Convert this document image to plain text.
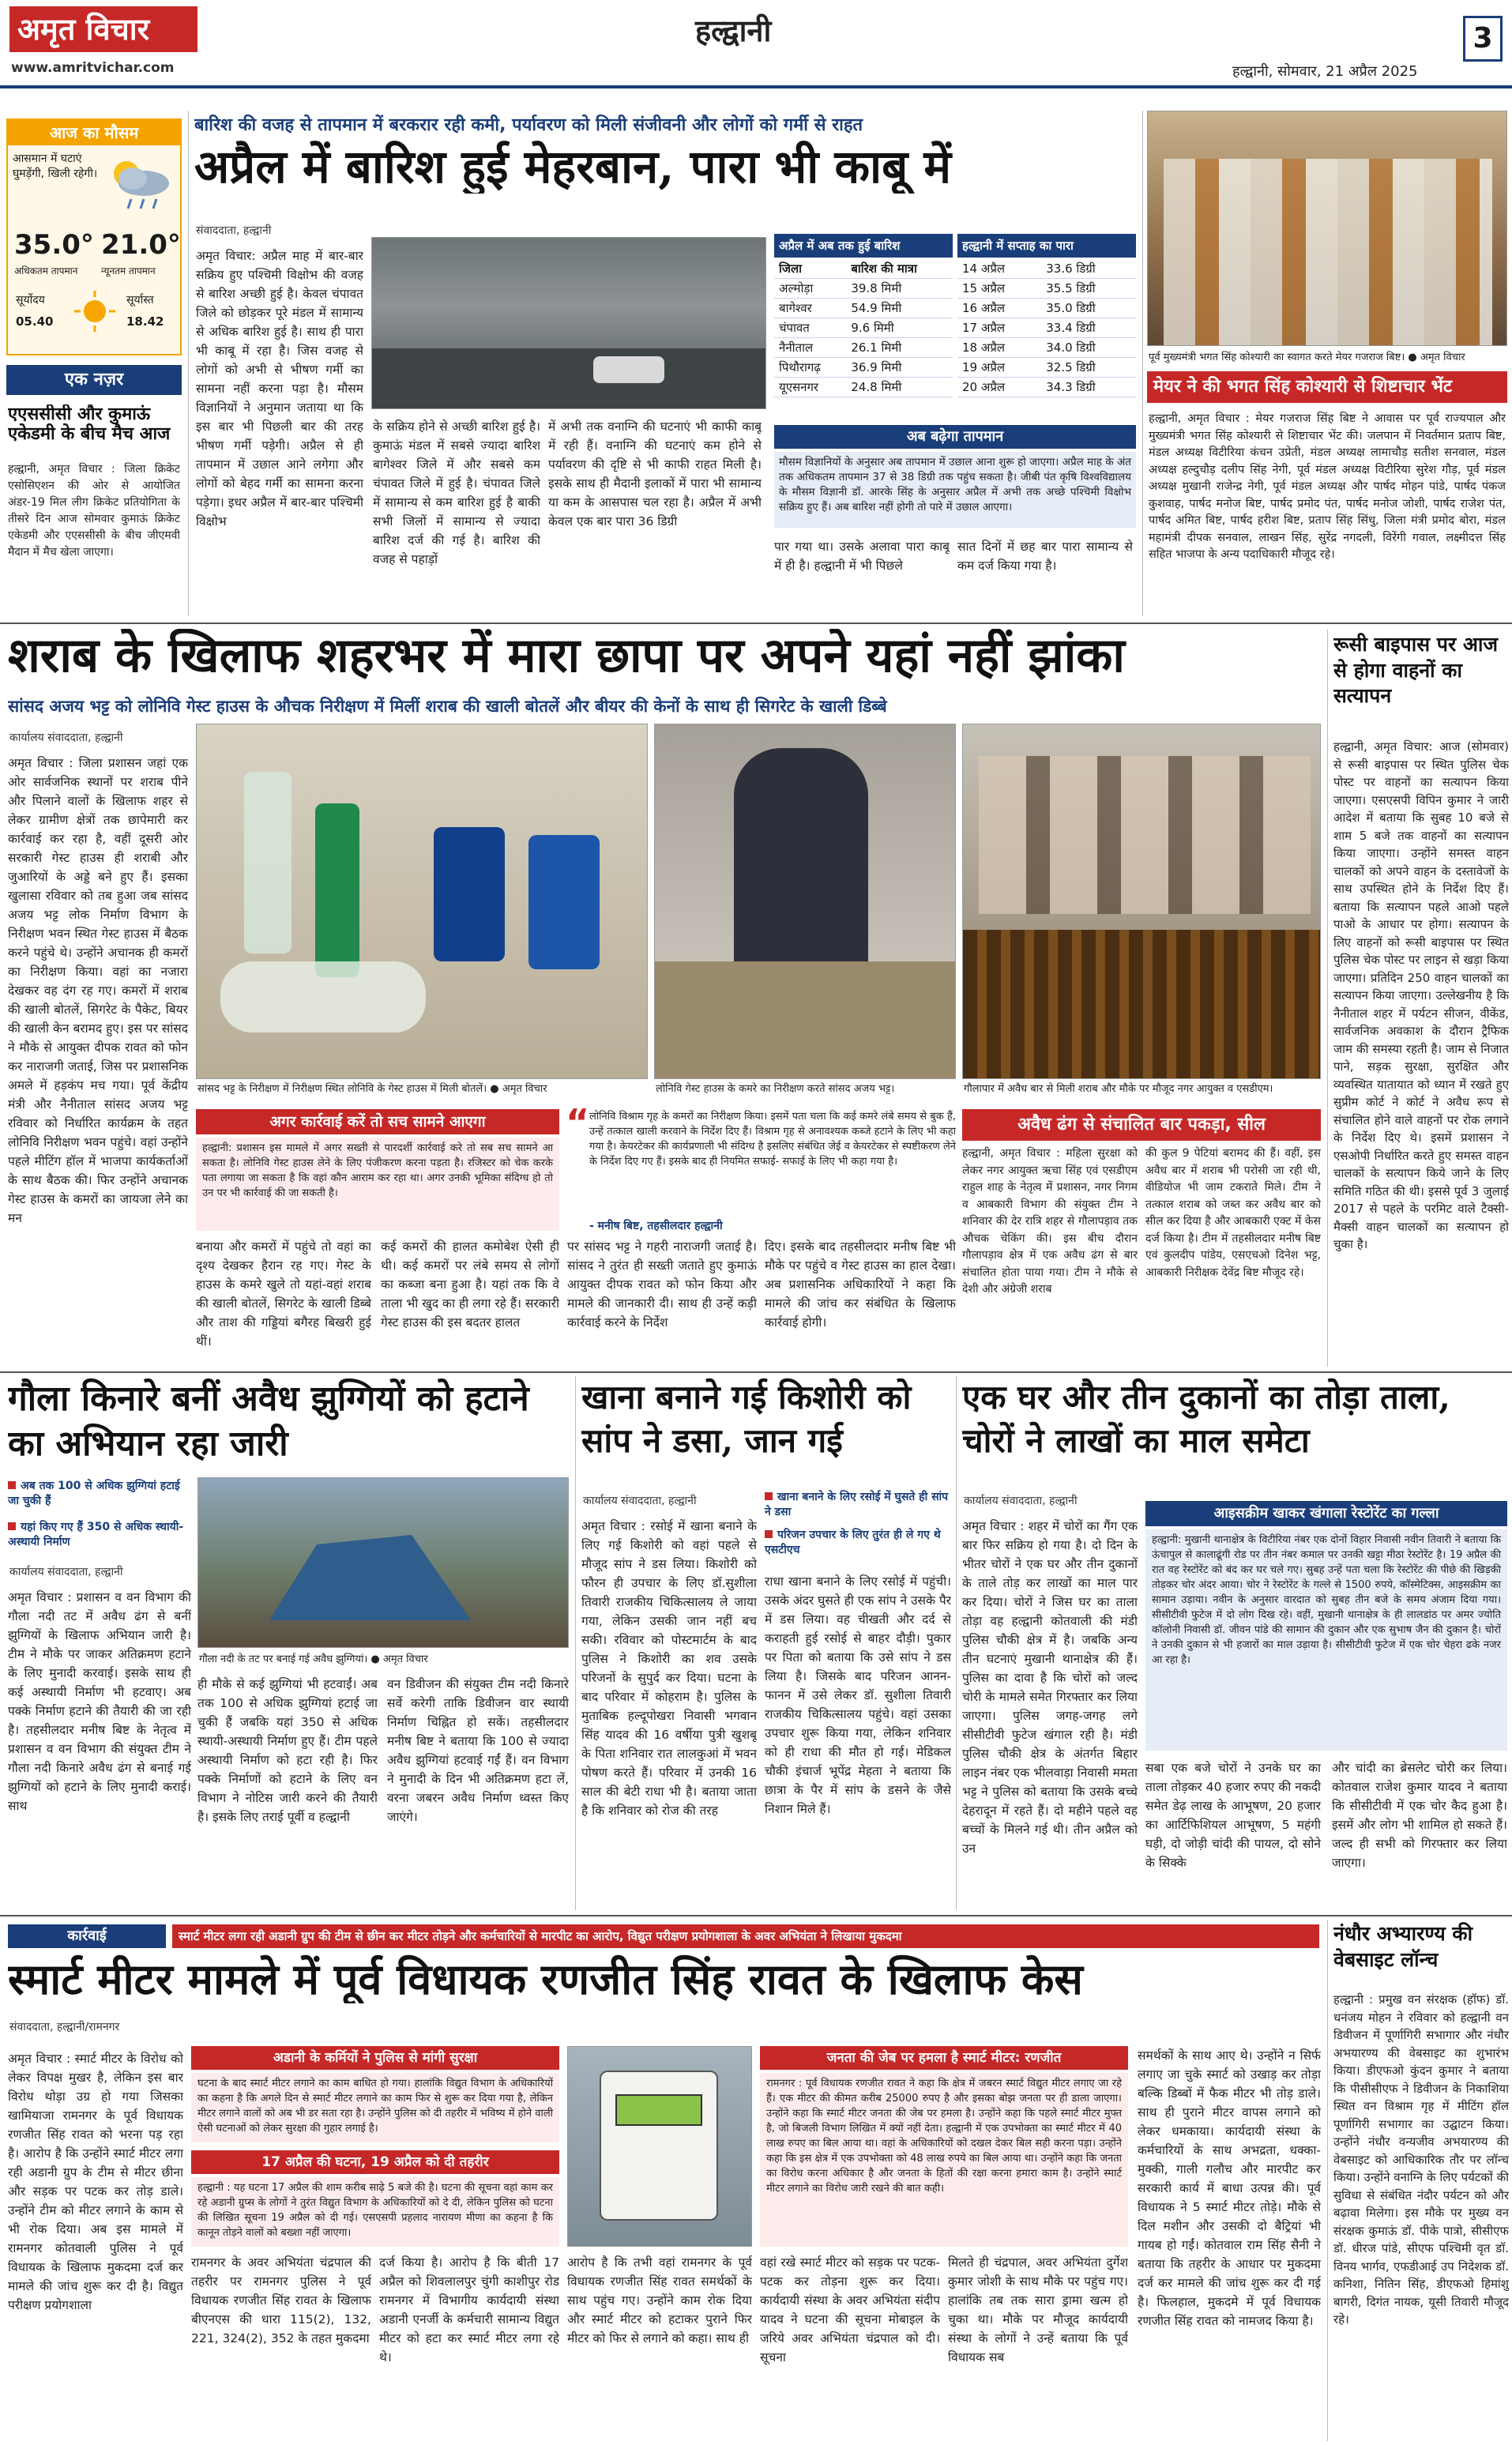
अमृत विचार
www.amritvichar.com
हल्द्वानी
हल्द्वानी, सोमवार, 21 अप्रैल 2025
3
आज का मौसम
आसमान में घटाएं घुमड़ेंगी, खिली रहेगी।
35.0° 21.0°
अधिकतम तापमान न्यूनतम तापमान
सूर्योदय	सूर्यास्त
05.40	18.42
एक नज़र
एएससीसी और कुमाऊं एकेडमी के बीच मैच आज
हल्द्वानी, अमृत विचार : जिला क्रिकेट एसोसिएशन की ओर से आयोजित अंडर-19 मिल लीग क्रिकेट प्रतियोगिता के तीसरे दिन आज सोमवार कुमाऊं क्रिकेट एकेडमी और एएससीसी के बीच जीएमवी मैदान में मैच खेला जाएगा।
बारिश की वजह से तापमान में बरकरार रही कमी, पर्यावरण को मिली संजीवनी और लोगों को गर्मी से राहत
अप्रैल में बारिश हुई मेहरबान, पारा भी काबू में
संवाददाता, हल्द्वानी
अमृत विचार: अप्रैल माह में बार-बार सक्रिय हुए पश्चिमी विक्षोभ की वजह से बारिश अच्छी हुई है। केवल चंपावत जिले को छोड़कर पूरे मंडल में सामान्य से अधिक बारिश हुई है। साथ ही पारा भी काबू में रहा है। जिस वजह से लोगों को अभी से भीषण गर्मी का सामना नहीं करना पड़ा है। मौसम विज्ञानियों ने अनुमान जताया था कि इस बार भी पिछली बार की तरह भीषण गर्मी पड़ेगी। अप्रैल से ही तापमान में उछाल आने लगेगा और लोगों को बेहद गर्मी का सामना करना पड़ेगा। इधर अप्रैल में बार-बार पश्चिमी विक्षोभ
के सक्रिय होने से अच्छी बारिश हुई है। कुमाऊं मंडल में सबसे ज्यादा बारिश बागेश्वर जिले में और सबसे कम चंपावत जिले में हुई है। चंपावत जिले में सामान्य से कम बारिश हुई है बाकी सभी जिलों में सामान्य से ज्यादा बारिश दर्ज की गई है। बारिश की वजह से पहाड़ों
में अभी तक वनाग्नि की घटनाएं भी काफी काबू में रही हैं। वनाग्नि की घटनाएं कम होने से पर्यावरण की दृष्टि से भी काफी राहत मिली है। इसके साथ ही मैदानी इलाकों में पारा भी सामान्य या कम के आसपास चल रहा है। अप्रैल में अभी केवल एक बार पारा 36 डिग्री
अप्रैल में अब तक हुई बारिश
जिला	बारिश की मात्रा
अल्मोड़ा	39.8 मिमी
बागेश्वर	54.9 मिमी
चंपावत	9.6 मिमी
नैनीताल	26.1 मिमी
पिथौरागढ़	36.9 मिमी
यूएसनगर	24.8 मिमी
हल्द्वानी में सप्ताह का पारा
14 अप्रैल	33.6 डिग्री
15 अप्रैल	35.5 डिग्री
16 अप्रैल	35.0 डिग्री
17 अप्रैल	33.4 डिग्री
18 अप्रैल	34.0 डिग्री
19 अप्रैल	32.5 डिग्री
20 अप्रैल	34.3 डिग्री
अब बढ़ेगा तापमान
मौसम विज्ञानियों के अनुसार अब तापमान में उछाल आना शुरू हो जाएगा। अप्रैल माह के अंत तक अधिकतम तापमान 37 से 38 डिग्री तक पहुंच सकता है। जीबी पंत कृषि विश्वविद्यालय के मौसम विज्ञानी डॉ. आरके सिंह के अनुसार अप्रैल में अभी तक अच्छे पश्चिमी विक्षोभ सक्रिय हुए हैं। अब बारिश नहीं होगी तो पारे में उछाल आएगा।
पार गया था। उसके अलावा पारा काबू में ही है। हल्द्वानी में भी पिछले
सात दिनों में छह बार पारा सामान्य से कम दर्ज किया गया है।
पूर्व मुख्यमंत्री भगत सिंह कोश्यारी का स्वागत करते मेयर गजराज बिष्ट। ● अमृत विचार
मेयर ने की भगत सिंह कोश्यारी से शिष्टाचार भेंट
हल्द्वानी, अमृत विचार : मेयर गजराज सिंह बिष्ट ने आवास पर पूर्व राज्यपाल और मुख्यमंत्री भगत सिंह कोश्यारी से शिष्टाचार भेंट की। जलपान में निवर्तमान प्रताप बिष्ट, मंडल अध्यक्ष विटीरिया कंचन उप्रेती, मंडल अध्यक्ष लामाचौड़ सतीश सनवाल, मंडल अध्यक्ष हल्दुचौड़ दलीप सिंह नेगी, पूर्व मंडल अध्यक्ष विटीरिया सुरेश गौड़, पूर्व मंडल अध्यक्ष मुखानी राजेन्द्र नेगी, पूर्व मंडल अध्यक्ष और पार्षद मोहन पांडे, पार्षद पंकज कुशवाह, पार्षद मनोज बिष्ट, पार्षद प्रमोद पंत, पार्षद मनोज जोशी, पार्षद राजेश पंत, पार्षद अमित बिष्ट, पार्षद हरीश बिष्ट, प्रताप सिंह सिंधु, जिला मंत्री प्रमोद बोरा, मंडल महामंत्री दीपक सनवाल, लाखन सिंह, सुरेंद्र नगदली, विरेंगी गवाल, लक्ष्मीदत्त सिंह सहित भाजपा के अन्य पदाधिकारी मौजूद रहे।
शराब के खिलाफ शहरभर में मारा छापा पर अपने यहां नहीं झांका
सांसद अजय भट्ट को लोनिवि गेस्ट हाउस के औचक निरीक्षण में मिलीं शराब की खाली बोतलें और बीयर की केनों के साथ ही सिगरेट के खाली डिब्बे
कार्यालय संवाददाता, हल्द्वानी
अमृत विचार : जिला प्रशासन जहां एक ओर सार्वजनिक स्थानों पर शराब पीने और पिलाने वालों के खिलाफ शहर से लेकर ग्रामीण क्षेत्रों तक छापेमारी कर कार्रवाई कर रहा है, वहीं दूसरी ओर सरकारी गेस्ट हाउस ही शराबी और जुआरियों के अड्डे बने हुए हैं। इसका खुलासा रविवार को तब हुआ जब सांसद अजय भट्ट लोक निर्माण विभाग के निरीक्षण भवन स्थित गेस्ट हाउस में बैठक करने पहुंचे थे। उन्होंने अचानक ही कमरों का निरीक्षण किया। वहां का नजारा देखकर वह दंग रह गए। कमरों में शराब की खाली बोतलें, सिगरेट के पैकेट, बियर की खाली केन बरामद हुए। इस पर सांसद ने मौके से आयुक्त दीपक रावत को फोन कर नाराजगी जताई, जिस पर प्रशासनिक अमले में हड़कंप मच गया। पूर्व केंद्रीय मंत्री और नैनीताल सांसद अजय भट्ट रविवार को निर्धारित कार्यक्रम के तहत लोनिवि निरीक्षण भवन पहुंचे। वहां उन्होंने पहले मीटिंग हॉल में भाजपा कार्यकर्ताओं के साथ बैठक की। फिर उन्होंने अचानक गेस्ट हाउस के कमरों का जायजा लेने का मन
सांसद भट्ट के निरीक्षण में निरीक्षण स्थित लोनिवि के गेस्ट हाउस में मिली बोतलें। ● अमृत विचार	लोनिवि गेस्ट हाउस के कमरे का निरीक्षण करते सांसद अजय भट्ट।	गौलापार में अवैध बार से मिली शराब और मौके पर मौजूद नगर आयुक्त व एसडीएम।
अगर कार्रवाई करें तो सच सामने आएगा
हल्द्वानी: प्रशासन इस मामले में अगर सख्ती से पारदर्शी कार्रवाई करे तो सब सच सामने आ सकता है। लोनिवि गेस्ट हाउस लेने के लिए पंजीकरण करना पड़ता है। रजिस्टर को चेक करके पता लगाया जा सकता है कि वहां कौन आराम कर रहा था। अगर उनकी भूमिका संदिग्ध हो तो उन पर भी कार्रवाई की जा सकती है।
बनाया और कमरों में पहुंचे तो वहां का दृश्य देखकर हैरान रह गए। गेस्ट के हाउस के कमरे खुले तो यहां-वहां शराब की खाली बोतलें, सिगरेट के खाली डिब्बे और ताश की गड्डियां बगैरह बिखरी हुई थीं।
कई कमरों की हालत कमोबेश ऐसी ही थी। कई कमरों पर लंबे समय से लोगों का कब्जा बना हुआ है। यहां तक कि वे ताला भी खुद का ही लगा रहे हैं। सरकारी गेस्ट हाउस की इस बदतर हालत
“ लोनिवि विश्राम गृह के कमरों का निरीक्षण किया। इसमें पता चला कि कई कमरे लंबे समय से बुक हैं, उन्हें तत्काल खाली करवाने के निर्देश दिए हैं। विश्राम गृह से अनावश्यक कब्जे हटाने के लिए भी कहा गया है। केयरटेकर की कार्यप्रणाली भी संदिग्ध है इसलिए संबंधित जेई व केयरटेकर से स्पष्टीकरण लेने के निर्देश दिए गए हैं। इसके बाद ही नियमित सफाई- सफाई के लिए भी कहा गया है।
- मनीष बिष्ट, तहसीलदार हल्द्वानी
पर सांसद भट्ट ने गहरी नाराजगी जताई है। सांसद ने तुरंत ही सख्ती जताते हुए कुमाऊं आयुक्त दीपक रावत को फोन किया और मामले की जानकारी दी। साथ ही उन्हें कड़ी कार्रवाई करने के निर्देश
दिए। इसके बाद तहसीलदार मनीष बिष्ट भी मौके पर पहुंचे व गेस्ट हाउस का हाल देखा। अब प्रशासनिक अधिकारियों ने कहा कि मामले की जांच कर संबंधित के खिलाफ कार्रवाई होगी।
अवैध ढंग से संचालित बार पकड़ा, सील
हल्द्वानी, अमृत विचार : महिला सुरक्षा को लेकर नगर आयुक्त ऋचा सिंह एवं एसडीएम राहुल शाह के नेतृत्व में प्रशासन, नगर निगम व आबकारी विभाग की संयुक्त टीम ने शनिवार की देर रात्रि शहर से गौलापड़ाव तक औचक चेकिंग की। इस बीच दौरान गौलापड़ाव क्षेत्र में एक अवैध ढंग से बार संचालित होता पाया गया। टीम ने मौके से देशी और अंग्रेजी शराब
की कुल 9 पेटियां बरामद की हैं। वहीं, इस अवैध बार में शराब भी परोसी जा रही थी, वीडियोज भी जाम टकराते मिले। टीम ने तत्काल शराब को जब्त कर अवैध बार को सील कर दिया है और आबकारी एक्ट में केस दर्ज किया है। टीम में तहसीलदार मनीष बिष्ट एवं कुलदीप पांडेय, एसएचओ दिनेश भट्ट, आबकारी निरीक्षक देवेंद्र बिष्ट मौजूद रहे।
रूसी बाइपास पर आज से होगा वाहनों का सत्यापन
हल्द्वानी, अमृत विचार: आज (सोमवार) से रूसी बाइपास पर स्थित पुलिस चेक पोस्ट पर वाहनों का सत्यापन किया जाएगा। एसएसपी विपिन कुमार ने जारी आदेश में बताया कि सुबह 10 बजे से शाम 5 बजे तक वाहनों का सत्यापन किया जाएगा। उन्होंने समस्त वाहन चालकों को अपने वाहन के दस्तावेजों के साथ उपस्थित होने के निर्देश दिए हैं। बताया कि सत्यापन पहले आओ पहले पाओ के आधार पर होगा। सत्यापन के लिए वाहनों को रूसी बाइपास पर स्थित पुलिस चेक पोस्ट पर लाइन से खड़ा किया जाएगा। प्रतिदिन 250 वाहन चालकों का सत्यापन किया जाएगा। उल्लेखनीय है कि नैनीताल शहर में पर्यटन सीजन, वीकेंड, सार्वजनिक अवकाश के दौरान ट्रैफिक जाम की समस्या रहती है। जाम से निजात पाने, सड़क सुरक्षा, सुरक्षित और व्यवस्थित यातायात को ध्यान में रखते हुए सुप्रीम कोर्ट ने कोर्ट ने अवैध रूप से संचालित होने वाले वाहनों पर रोक लगाने के निर्देश दिए थे। इसमें प्रशासन ने एसओपी निर्धारित करते हुए समस्त वाहन चालकों के सत्यापन किये जाने के लिए समिति गठित की थी। इससे पूर्व 3 जुलाई 2017 से पहले के परमिट वाले टैक्सी-मैक्सी वाहन चालकों का सत्यापन हो चुका है।
गौला किनारे बनीं अवैध झुग्गियों को हटाने का अभियान रहा जारी
अब तक 100 से अधिक झुग्गियां हटाई जा चुकी हैं
यहां किए गए हैं 350 से अधिक स्थायी-अस्थायी निर्माण
कार्यालय संवाददाता, हल्द्वानी
अमृत विचार : प्रशासन व वन विभाग की गौला नदी तट में अवैध ढंग से बनीं झुग्गियों के खिलाफ अभियान जारी है। टीम ने मौके पर जाकर अतिक्रमण हटाने के लिए मुनादी करवाई। इसके साथ ही कई अस्थायी निर्माण भी हटवाए। अब पक्के निर्माण हटाने की तैयारी की जा रही है। तहसीलदार मनीष बिष्ट के नेतृत्व में प्रशासन व वन विभाग की संयुक्त टीम ने गौला नदी किनारे अवैध ढंग से बनाई गई झुग्गियों को हटाने के लिए मुनादी कराई। साथ
गौला नदी के तट पर बनाई गई अवैध झुग्गियां। ● अमृत विचार
ही मौके से कई झुग्गियां भी हटवाईं। अब तक 100 से अधिक झुग्गियां हटाई जा चुकी हैं जबकि यहां 350 से अधिक स्थायी-अस्थायी निर्माण हुए हैं। टीम पहले अस्थायी निर्माण को हटा रही है। फिर पक्के निर्माणों को हटाने के लिए वन विभाग ने नोटिस जारी करने की तैयारी है। इसके लिए तराई पूर्वी व हल्द्वानी
वन डिवीजन की संयुक्त टीम नदी किनारे सर्वे करेगी ताकि डिवीजन वार स्थायी निर्माण चिह्नित हो सकें। तहसीलदार मनीष बिष्ट ने बताया कि 100 से ज्यादा अवैध झुग्गियां हटवाई गईं हैं। वन विभाग ने मुनादी के दिन भी अतिक्रमण हटा लें, वरना जबरन अवैध निर्माण ध्वस्त किए जाएंगे।
खाना बनाने गई किशोरी को सांप ने डसा, जान गई
कार्यालय संवाददाता, हल्द्वानी	खाना बनाने के लिए रसोई में घुसते ही सांप ने डसा
परिजन उपचार के लिए तुरंत ही ले गए थे एसटीएच
अमृत विचार : रसोई में खाना बनाने के लिए गई किशोरी को वहां पहले से मौजूद सांप ने डस लिया। किशोरी को फौरन ही उपचार के लिए डॉ.सुशीला तिवारी राजकीय चिकित्सालय ले जाया गया, लेकिन उसकी जान नहीं बच सकी। रविवार को पोस्टमार्टम के बाद पुलिस ने किशोरी का शव उसके परिजनों के सुपुर्द कर दिया। घटना के बाद परिवार में कोहराम है। पुलिस के मुताबिक हल्दूपोखरा निवासी भगवान सिंह यादव की 16 वर्षीया पुत्री खुशबू के पिता शनिवार रात लालकुआं में भवन पोषण करते हैं। परिवार में उनकी 16 साल की बेटी राधा भी है। बताया जाता है कि शनिवार को रोज की तरह
राधा खाना बनाने के लिए रसोई में पहुंची। उसके अंदर घुसते ही एक सांप ने उसके पैर में डस लिया। वह चीखती और दर्द से कराहती हुई रसोई से बाहर दौड़ी। पुकार पर पिता को बताया कि उसे सांप ने डस लिया है। जिसके बाद परिजन आनन-फानन में उसे लेकर डॉ. सुशीला तिवारी राजकीय चिकित्सालय पहुंचे। वहां उसका उपचार शुरू किया गया, लेकिन शनिवार को ही राधा की मौत हो गई। मेडिकल चौकी इंचार्ज भूपेंद्र मेहता ने बताया कि छात्रा के पैर में सांप के डसने के जैसे निशान मिले हैं।
एक घर और तीन दुकानों का तोड़ा ताला, चोरों ने लाखों का माल समेटा
कार्यालय संवाददाता, हल्द्वानी
अमृत विचार : शहर में चोरों का गैंग एक बार फिर सक्रिय हो गया है। दो दिन के भीतर चोरों ने एक घर और तीन दुकानों के ताले तोड़ कर लाखों का माल पार कर दिया। चोरों ने जिस घर का ताला तोड़ा वह हल्द्वानी कोतवाली की मंडी पुलिस चौकी क्षेत्र में है। जबकि अन्य तीन घटनाएं मुखानी थानाक्षेत्र की हैं। पुलिस का दावा है कि चोरों को जल्द चोरी के मामले समेत गिरफ्तार कर लिया जाएगा। पुलिस जगह-जगह लगे सीसीटीवी फुटेज खंगाल रही है। मंडी पुलिस चौकी क्षेत्र के अंतर्गत बिहार लाइन नंबर एक भीलवाड़ा निवासी ममता भट्ट ने पुलिस को बताया कि उसके बच्चे देहरादून में रहते हैं। दो महीने पहले वह बच्चों के मिलने गई थी। तीन अप्रैल को उन
आइसक्रीम खाकर खंगाला रेस्टोरेंट का गल्ला
हल्द्वानी: मुखानी थानाक्षेत्र के विटीरिया नंबर एक दोनों विहार निवासी नवीन तिवारी ने बताया कि ऊंचापुल से कालाढूंगी रोड पर तीन नंबर कमाल पर उनकी खट्टा मीठा रेस्टोरेंट है। 19 अप्रैल की रात वह रेस्टोरेंट को बंद कर घर चले गए। सुबह उन्हें पता चला कि रेस्टोरेंट की पीछे की खिड़की तोड़कर चोर अंदर आया। चोर ने रेस्टोरेंट के गल्ले से 1500 रुपये, कॉस्मेटिक्स, आइसक्रीम का सामान उड़ाया। नवीन के अनुसार वारदात को सुबह तीन बजे के समय अंजाम दिया गया। सीसीटीवी फुटेज में दो लोग दिख रहे। वहीं, मुखानी थानाक्षेत्र के ही लालडांठ पर अमर ज्योति कॉलोनी निवासी डॉ. जीवन पांडे की सामान की दुकान और एक सुभाष जैन की दुकान है। चोरों ने उनकी दुकान से भी हजारों का माल उड़ाया है। सीसीटीवी फुटेज में एक चोर चेहरा ढके नजर आ रहा है।
सबा एक बजे चोरों ने उनके घर का ताला तोड़कर 40 हजार रुपए की नकदी समेत डेढ़ लाख के आभूषण, 20 हजार का आर्टिफिशियल आभूषण, 5 महंगी घड़ी, दो जोड़ी चांदी की पायल, दो सोने के सिक्के
और चांदी का ब्रेसलेट चोरी कर लिया। कोतवाल राजेश कुमार यादव ने बताया कि सीसीटीवी में एक चोर कैद हुआ है। इसमें और लोग भी शामिल हो सकते हैं। जल्द ही सभी को गिरफ्तार कर लिया जाएगा।
कार्रवाई	स्मार्ट मीटर लगा रही अडानी ग्रुप की टीम से छीन कर मीटर तोड़ने और कर्मचारियों से मारपीट का आरोप, विद्युत परीक्षण प्रयोगशाला के अवर अभियंता ने लिखाया मुकदमा
स्मार्ट मीटर मामले में पूर्व विधायक रणजीत सिंह रावत के खिलाफ केस
संवाददाता, हल्द्वानी/रामनगर
अमृत विचार : स्मार्ट मीटर के विरोध को लेकर विपक्ष मुखर है, लेकिन इस बार विरोध थोड़ा उग्र हो गया जिसका खामियाजा रामनगर के पूर्व विधायक रणजीत सिंह रावत को भरना पड़ रहा है। आरोप है कि उन्होंने स्मार्ट मीटर लगा रही अडानी ग्रुप के टीम से मीटर छीना और सड़क पर पटक कर तोड़ डाले। उन्होंने टीम को मीटर लगाने के काम से भी रोक दिया। अब इस मामले में रामनगर कोतवाली पुलिस ने पूर्व विधायक के खिलाफ मुकदमा दर्ज कर मामले की जांच शुरू कर दी है। विद्युत परीक्षण प्रयोगशाला
अडानी के कर्मियों ने पुलिस से मांगी सुरक्षा
घटना के बाद स्मार्ट मीटर लगाने का काम बाधित हो गया। हालांकि विद्युत विभाग के अधिकारियों का कहना है कि अगले दिन से स्मार्ट मीटर लगाने का काम फिर से शुरू कर दिया गया है, लेकिन मीटर लगाने वालों को अब भी डर सता रहा है। उन्होंने पुलिस को दी तहरीर में भविष्य में होने वाली ऐसी घटनाओं को लेकर सुरक्षा की गुहार लगाई है।
17 अप्रैल की घटना, 19 अप्रैल को दी तहरीर
हल्द्वानी : यह घटना 17 अप्रैल की शाम करीब साढ़े 5 बजे की है। घटना की सूचना वहां काम कर रहे अडानी ग्रुप्स के लोगों ने तुरंत विद्युत विभाग के अधिकारियों को दे दी, लेकिन पुलिस को घटना की लिखित सूचना 19 अप्रैल को दी गई। एसएसपी प्रहलाद नारायण मीणा का कहना है कि कानून तोड़ने वालों को बख्शा नहीं जाएगा।
रामनगर के अवर अभियंता चंद्रपाल की तहरीर पर रामनगर पुलिस ने पूर्व विधायक रणजीत सिंह रावत के खिलाफ बीएनएस की धारा 115(2), 132, 221, 324(2), 352 के तहत मुकदमा
दर्ज किया है। आरोप है कि बीती 17 अप्रैल को शिवलालपुर चुंगी काशीपुर रोड रामनगर में विभागीय कार्यदायी संस्था अडानी एनर्जी के कर्मचारी सामान्य विद्युत मीटर को हटा कर स्मार्ट मीटर लगा रहे थे।
आरोप है कि तभी वहां रामनगर के पूर्व विधायक रणजीत सिंह रावत समर्थकों के साथ पहुंच गए। उन्होंने काम रोक दिया और स्मार्ट मीटर को हटाकर पुराने फिर मीटर को फिर से लगाने को कहा। साथ ही
जनता की जेब पर हमला है स्मार्ट मीटर: रणजीत
रामनगर : पूर्व विधायक रणजीत रावत ने कहा कि क्षेत्र में जबरन स्मार्ट विद्युत मीटर लगाए जा रहे हैं। एक मीटर की कीमत करीब 25000 रुपए है और इसका बोझ जनता पर ही डाला जाएगा। उन्होंने कहा कि स्मार्ट मीटर जनता की जेब पर हमला है। उन्होंने कहा कि पहले स्मार्ट मीटर मुफ्त है, जो बिजली विभाग लिखित में क्यों नहीं देता। हल्द्वानी में एक उपभोक्ता का स्मार्ट मीटर में 40 लाख रुपए का बिल आया था। वहां के अधिकारियों को दखल देकर बिल सही करना पड़ा। उन्होंने कहा कि इस क्षेत्र में एक उपभोक्ता को 48 लाख रुपये का बिल आया था। उन्होंने कहा कि जनता का विरोध करना अधिकार है और जनता के हितों की रक्षा करना हमारा काम है। उन्होंने स्मार्ट मीटर लगाने का विरोध जारी रखने की बात कही।
वहां रखे स्मार्ट मीटर को सड़क पर पटक-पटक कर तोड़ना शुरू कर दिया। कार्यदायी संस्था के अवर अभियंता संदीप यादव ने घटना की सूचना मोबाइल के जरिये अवर अभियंता चंद्रपाल को दी। सूचना
मिलते ही चंद्रपाल, अवर अभियंता दुर्गेश कुमार जोशी के साथ मौके पर पहुंच गए। हालांकि तब तक सारा ड्रामा खत्म हो चुका था। मौके पर मौजूद कार्यदायी संस्था के लोगों ने उन्हें बताया कि पूर्व विधायक सब
समर्थकों के साथ आए थे। उन्होंने न सिर्फ लगाए जा चुके स्मार्ट को उखाड़ कर तोड़ा बल्कि डिब्बों में फैक मीटर भी तोड़ डाले। साथ ही पुराने मीटर वापस लगाने को लेकर धमकाया। कार्यदायी संस्था के कर्मचारियों के साथ अभद्रता, धक्का-मुक्की, गाली गलौच और मारपीट कर सरकारी कार्य में बाधा उत्पन्न की। पूर्व विधायक ने 5 स्मार्ट मीटर तोड़े। मौके से दिल मशीन और उसकी दो बैट्रियां भी गायब हो गईं। कोतवाल राम सिंह सैनी ने बताया कि तहरीर के आधार पर मुकदमा दर्ज कर मामले की जांच शुरू कर दी गई है। फिलहाल, मुकदमे में पूर्व विधायक रणजीत सिंह रावत को नामजद किया है।
नंधौर अभ्यारण्य की वेबसाइट लॉन्च
हल्द्वानी : प्रमुख वन संरक्षक (हॉफ) डॉ. धनंजय मोहन ने रविवार को हल्द्वानी वन डिवीजन में पूर्णागिरी सभागार और नंधौर अभयारण्य की वेबसाइट का शुभारंभ किया। डीएफओ कुंदन कुमार ने बताया कि पीसीसीएफ ने डिवीजन के निकाशिया स्थित वन विश्राम गृह में मीटिंग हॉल पूर्णागिरी सभागार का उद्घाटन किया। उन्होंने नंधौर वन्यजीव अभयारण्य की वेबसाइट को आधिकारिक तौर पर लॉन्च किया। उन्होंने वनाग्नि के लिए पर्यटकों की सुविधा से संबंधित नंदौर पर्यटन को और बढ़ावा मिलेगा। इस मौके पर मुख्य वन संरक्षक कुमाऊं डॉ. पीके पात्रो, सीसीएफ डॉ. धीरज पांडे, सीएफ पश्चिमी वृत डॉ. विनय भार्गव, एफडीआई उप निदेशक डॉ. कनिशा, नितिन सिंह, डीएफओ हिमांशु बागरी, दिगंत नायक, यूसी तिवारी मौजूद रहे।
